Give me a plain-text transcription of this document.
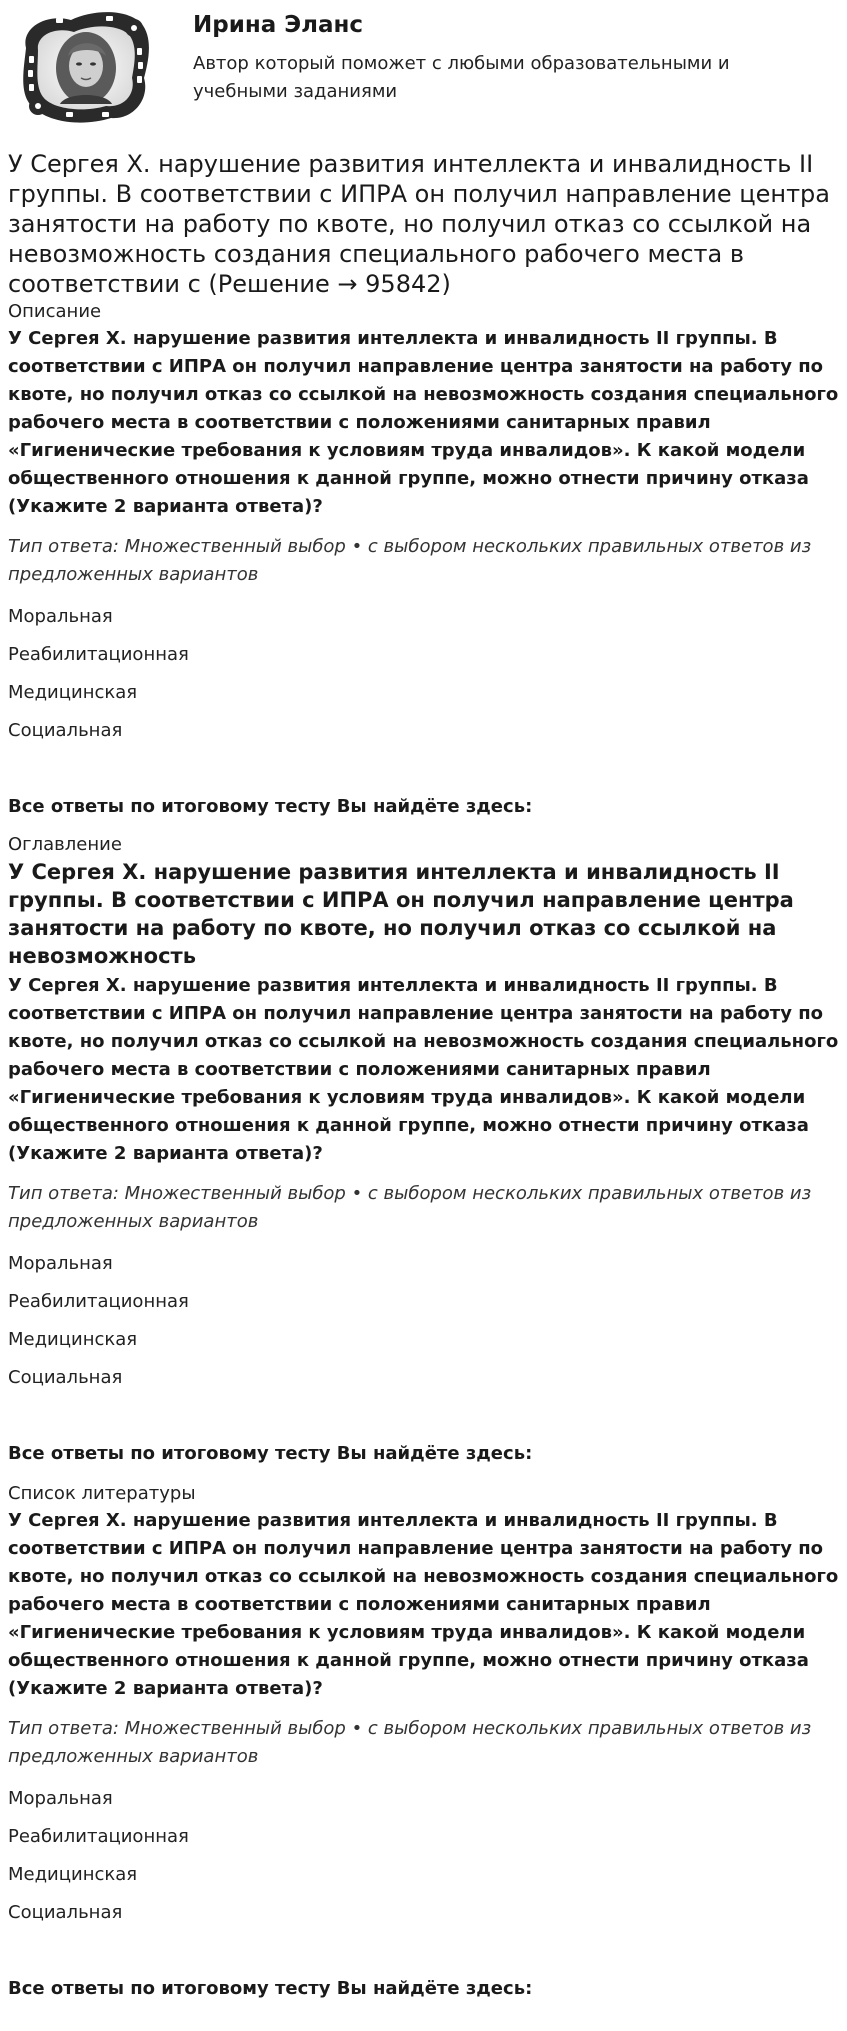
Ирина Эланс

Автор который поможет с любыми образовательными и учебными заданиями

У Сергея Х. нарушение развития интеллекта и инвалидность II группы. В соответствии с ИПРА он получил направление центра занятости на работу по квоте, но получил отказ со ссылкой на невозможность создания специального рабочего места в соответствии с (Решение → 95842)

Описание

У Сергея Х. нарушение развития интеллекта и инвалидность II группы. В соответствии с ИПРА он получил направление центра занятости на работу по квоте, но получил отказ со ссылкой на невозможность создания специального рабочего места в соответствии с положениями санитарных правил «Гигиенические требования к условиям труда инвалидов». К какой модели общественного отношения к данной группе, можно отнести причину отказа (Укажите 2 варианта ответа)?

Тип ответа: Множественный выбор • с выбором нескольких правильных ответов из предложенных вариантов

Моральная
Реабилитационная
Медицинская
Социальная

Все ответы по итоговому тесту Вы найдёте здесь:

Оглавление

У Сергея Х. нарушение развития интеллекта и инвалидность II группы. В соответствии с ИПРА он получил направление центра занятости на работу по квоте, но получил отказ со ссылкой на невозможность

У Сергея Х. нарушение развития интеллекта и инвалидность II группы. В соответствии с ИПРА он получил направление центра занятости на работу по квоте, но получил отказ со ссылкой на невозможность создания специального рабочего места в соответствии с положениями санитарных правил «Гигиенические требования к условиям труда инвалидов». К какой модели общественного отношения к данной группе, можно отнести причину отказа (Укажите 2 варианта ответа)?

Тип ответа: Множественный выбор • с выбором нескольких правильных ответов из предложенных вариантов

Моральная
Реабилитационная
Медицинская
Социальная

Все ответы по итоговому тесту Вы найдёте здесь:

Список литературы

У Сергея Х. нарушение развития интеллекта и инвалидность II группы. В соответствии с ИПРА он получил направление центра занятости на работу по квоте, но получил отказ со ссылкой на невозможность создания специального рабочего места в соответствии с положениями санитарных правил «Гигиенические требования к условиям труда инвалидов». К какой модели общественного отношения к данной группе, можно отнести причину отказа (Укажите 2 варианта ответа)?

Тип ответа: Множественный выбор • с выбором нескольких правильных ответов из предложенных вариантов

Моральная
Реабилитационная
Медицинская
Социальная

Все ответы по итоговому тесту Вы найдёте здесь:
